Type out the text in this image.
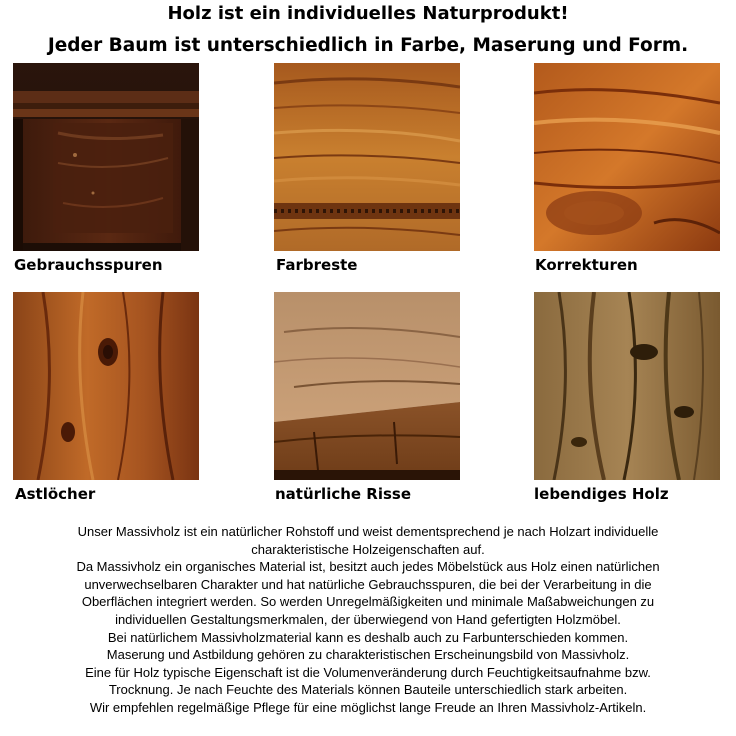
Holz ist ein individuelles Naturprodukt!
Jeder Baum ist unterschiedlich in Farbe, Maserung und Form.
Gebrauchsspuren	Farbreste	Korrekturen
Astlöcher	natürliche Risse	lebendiges Holz
Unser Massivholz ist ein natürlicher Rohstoff und weist dementsprechend je nach Holzart individuelle
charakteristische Holzeigenschaften auf.
Da Massivholz ein organisches Material ist, besitzt auch jedes Möbelstück aus Holz einen natürlichen
unverwechselbaren Charakter und hat natürliche Gebrauchsspuren, die bei der Verarbeitung in die
Oberflächen integriert werden. So werden Unregelmäßigkeiten und minimale Maßabweichungen zu
individuellen Gestaltungsmerkmalen, der überwiegend von Hand gefertigten Holzmöbel.
Bei natürlichem Massivholzmaterial kann es deshalb auch zu Farbunterschieden kommen.
Maserung und Astbildung gehören zu charakteristischen Erscheinungsbild von Massivholz.
Eine für Holz typische Eigenschaft ist die Volumenveränderung durch Feuchtigkeitsaufnahme bzw.
Trocknung. Je nach Feuchte des Materials können Bauteile unterschiedlich stark arbeiten.
Wir empfehlen regelmäßige Pflege für eine möglichst lange Freude an Ihren Massivholz-Artikeln.
